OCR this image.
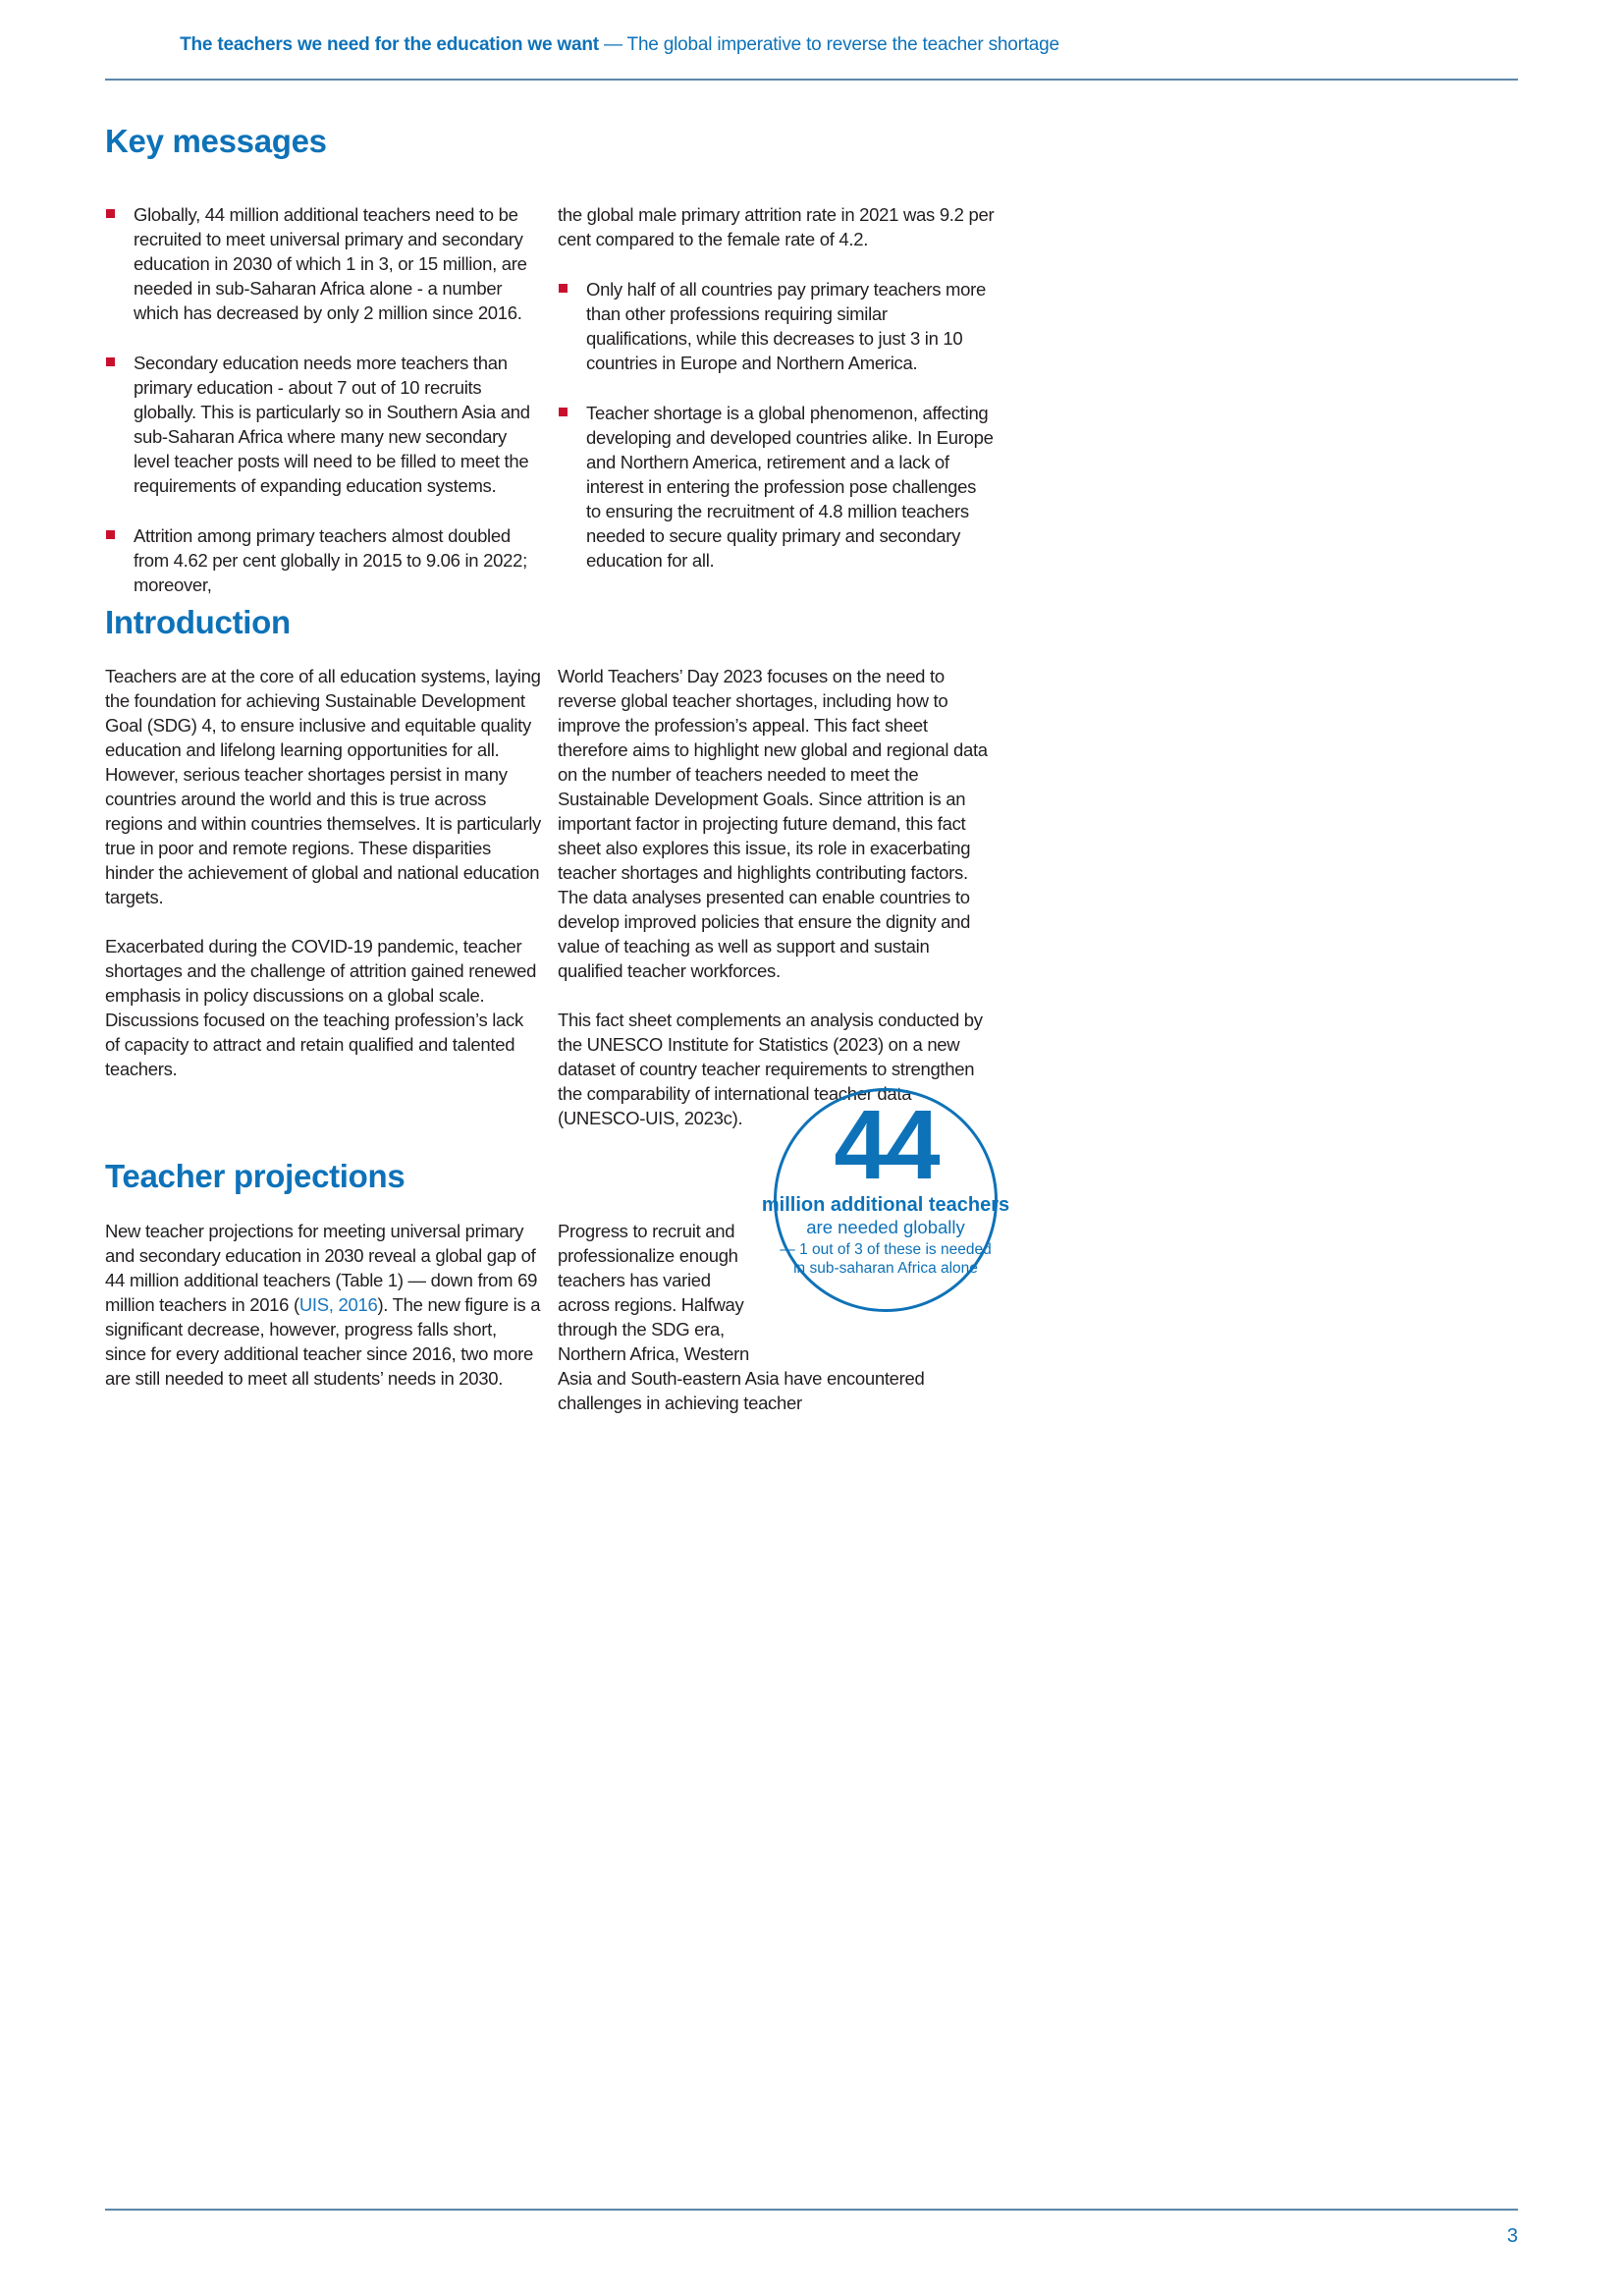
The teachers we need for the education we want — The global imperative to reverse the teacher shortage

Key messages

Globally, 44 million additional teachers need to be recruited to meet universal primary and secondary education in 2030 of which 1 in 3, or 15 million, are needed in sub-Saharan Africa alone - a number which has decreased by only 2 million since 2016.

Secondary education needs more teachers than primary education - about 7 out of 10 recruits globally. This is particularly so in Southern Asia and sub-Saharan Africa where many new secondary level teacher posts will need to be filled to meet the requirements of expanding education systems.

Attrition among primary teachers almost doubled from 4.62 per cent globally in 2015 to 9.06 in 2022; moreover,

the global male primary attrition rate in 2021 was 9.2 per cent compared to the female rate of 4.2.

Only half of all countries pay primary teachers more than other professions requiring similar qualifications, while this decreases to just 3 in 10 countries in Europe and Northern America.

Teacher shortage is a global phenomenon, affecting developing and developed countries alike. In Europe and Northern America, retirement and a lack of interest in entering the profession pose challenges to ensuring the recruitment of 4.8 million teachers needed to secure quality primary and secondary education for all.

Introduction

Teachers are at the core of all education systems, laying the foundation for achieving Sustainable Development Goal (SDG) 4, to ensure inclusive and equitable quality education and lifelong learning opportunities for all. However, serious teacher shortages persist in many countries around the world and this is true across regions and within countries themselves. It is particularly true in poor and remote regions. These disparities hinder the achievement of global and national education targets.

Exacerbated during the COVID-19 pandemic, teacher shortages and the challenge of attrition gained renewed emphasis in policy discussions on a global scale. Discussions focused on the teaching profession’s lack of capacity to attract and retain qualified and talented teachers.

World Teachers’ Day 2023 focuses on the need to reverse global teacher shortages, including how to improve the profession’s appeal. This fact sheet therefore aims to highlight new global and regional data on the number of teachers needed to meet the Sustainable Development Goals. Since attrition is an important factor in projecting future demand, this fact sheet also explores this issue, its role in exacerbating teacher shortages and highlights contributing factors. The data analyses presented can enable countries to develop improved policies that ensure the dignity and value of teaching as well as support and sustain qualified teacher workforces.

This fact sheet complements an analysis conducted by the UNESCO Institute for Statistics (2023) on a new dataset of country teacher requirements to strengthen the comparability of international teacher data (UNESCO-UIS, 2023c).

Teacher projections

New teacher projections for meeting universal primary and secondary education in 2030 reveal a global gap of 44 million additional teachers (Table 1) — down from 69 million teachers in 2016 (UIS, 2016). The new figure is a significant decrease, however, progress falls short, since for every additional teacher since 2016, two more are still needed to meet all students’ needs in 2030.

Progress to recruit and professionalize enough teachers has varied across regions. Halfway through the SDG era, Northern Africa, Western Asia and South-eastern Asia have encountered challenges in achieving teacher

44
million additional teachers
are needed globally
— 1 out of 3 of these is needed
in sub-saharan Africa alone
3
